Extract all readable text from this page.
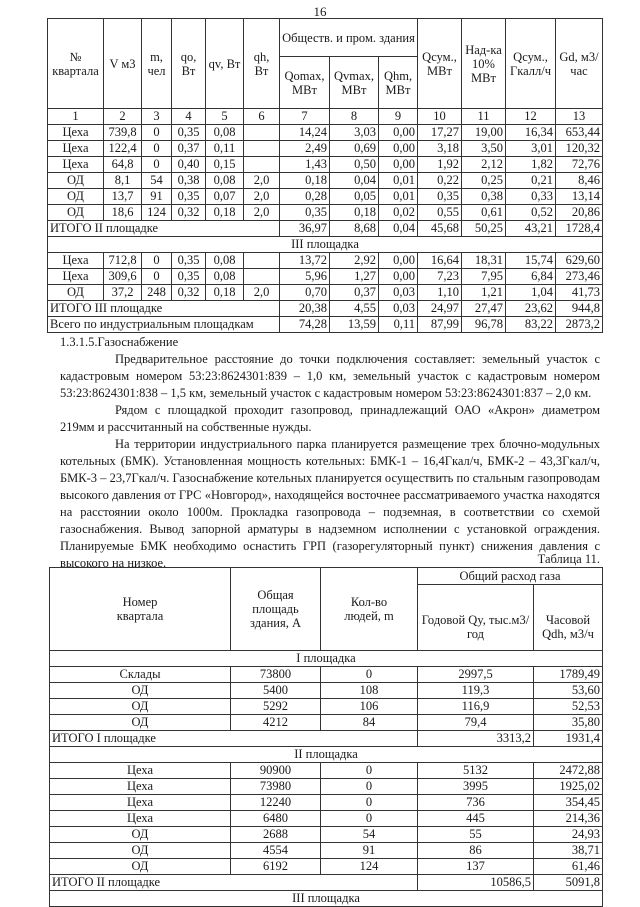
16
№ квартала	V м3	m, чел	qo, Вт	qv, Вт	qh, Вт	Обществ. и пром. здания			Qсум., МВт	Над-ка 10% МВт	Qсум., Гкалл/ч	Gd, м3/час
						Qomax, МВт	Qvmax, МВт	Qhm, МВт				
1	2	3	4	5	6	7	8	9	10	11	12	13
Цеха	739,8	0	0,35	0,08		14,24	3,03	0,00	17,27	19,00	16,34	653,44
Цеха	122,4	0	0,37	0,11		2,49	0,69	0,00	3,18	3,50	3,01	120,32
Цеха	64,8	0	0,40	0,15		1,43	0,50	0,00	1,92	2,12	1,82	72,76
ОД	8,1	54	0,38	0,08	2,0	0,18	0,04	0,01	0,22	0,25	0,21	8,46
ОД	13,7	91	0,35	0,07	2,0	0,28	0,05	0,01	0,35	0,38	0,33	13,14
ОД	18,6	124	0,32	0,18	2,0	0,35	0,18	0,02	0,55	0,61	0,52	20,86
ИТОГО II площадке						36,97	8,68	0,04	45,68	50,25	43,21	1728,4
III площадка												
Цеха	712,8	0	0,35	0,08		13,72	2,92	0,00	16,64	18,31	15,74	629,60
Цеха	309,6	0	0,35	0,08		5,96	1,27	0,00	7,23	7,95	6,84	273,46
ОД	37,2	248	0,32	0,18	2,0	0,70	0,37	0,03	1,10	1,21	1,04	41,73
ИТОГО III площадке						20,38	4,55	0,03	24,97	27,47	23,62	944,8
Всего по индустриальным площадкам						74,28	13,59	0,11	87,99	96,78	83,22	2873,2

1.3.1.5.Газоснабжение

Предварительное расстояние до точки подключения составляет: земельный участок с кадастровым номером 53:23:8624301:839 – 1,0 км, земельный участок с кадастровым номером 53:23:8624301:838 – 1,5 км, земельный участок с кадастровым номером 53:23:8624301:837 – 2,0 км.

Рядом с площадкой проходит газопровод, принадлежащий ОАО «Акрон» диаметром 219мм и рассчитанный на собственные нужды.

На территории индустриального парка планируется размещение трех блочно-модульных котельных (БМК). Установленная мощность котельных: БМК-1 – 16,4Гкал/ч, БМК-2 – 43,3Гкал/ч, БМК-3 – 23,7Гкал/ч. Газоснабжение котельных планируется осуществить по стальным газопроводам высокого давления от ГРС «Новгород», находящейся восточнее рассматриваемого участка находятся на расстоянии около 1000м. Прокладка газопровода – подземная, в соответствии со схемой газоснабжения. Вывод запорной арматуры в надземном исполнении с установкой ограждения. Планируемые БМК необходимо оснастить ГРП (газорегуляторный пункт) снижения давления с высокого на низкое.	Таблица 11.
Номер квартала	Общая площадь здания, А	Кол-во людей, m	Общий расход газа	
			Годовой Qy, тыс.м3/год	Часовой Qdh, м3/ч
I площадка				
Склады	73800	0	2997,5	1789,49
ОД	5400	108	119,3	53,60
ОД	5292	106	116,9	52,53
ОД	4212	84	79,4	35,80
ИТОГО I площадке			3313,2	1931,4
II площадка				
Цеха	90900	0	5132	2472,88
Цеха	73980	0	3995	1925,02
Цеха	12240	0	736	354,45
Цеха	6480	0	445	214,36
ОД	2688	54	55	24,93
ОД	4554	91	86	38,71
ОД	6192	124	137	61,46
ИТОГО II площадке			10586,5	5091,8
III площадка				
